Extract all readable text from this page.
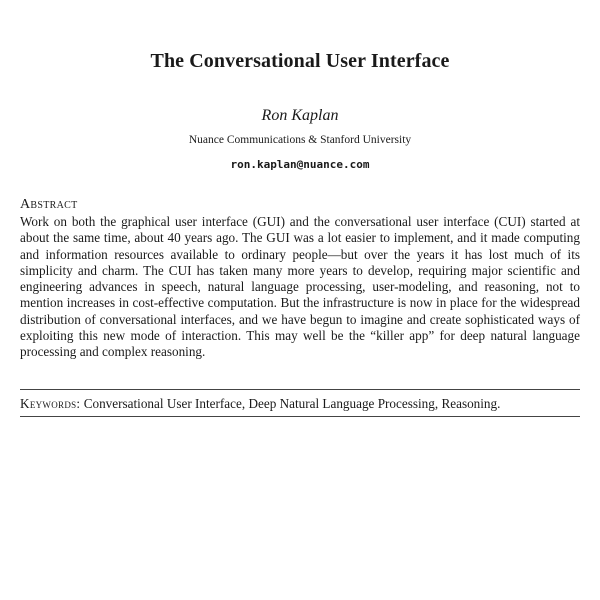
The Conversational User Interface
Ron Kaplan
Nuance Communications & Stanford University
ron.kaplan@nuance.com
Abstract

Work on both the graphical user interface (GUI) and the conversational user interface (CUI) started at about the same time, about 40 years ago. The GUI was a lot easier to implement, and it made computing and information resources available to ordinary people—but over the years it has lost much of its simplicity and charm. The CUI has taken many more years to develop, requiring major scientific and engineering advances in speech, natural language processing, user-modeling, and reasoning, not to mention increases in cost-effective computation. But the infrastructure is now in place for the widespread distribution of conversational interfaces, and we have begun to imagine and create sophisticated ways of exploiting this new mode of interaction. This may well be the “killer app” for deep natural language processing and complex reasoning.

Keywords: Conversational User Interface, Deep Natural Language Processing, Reasoning.
